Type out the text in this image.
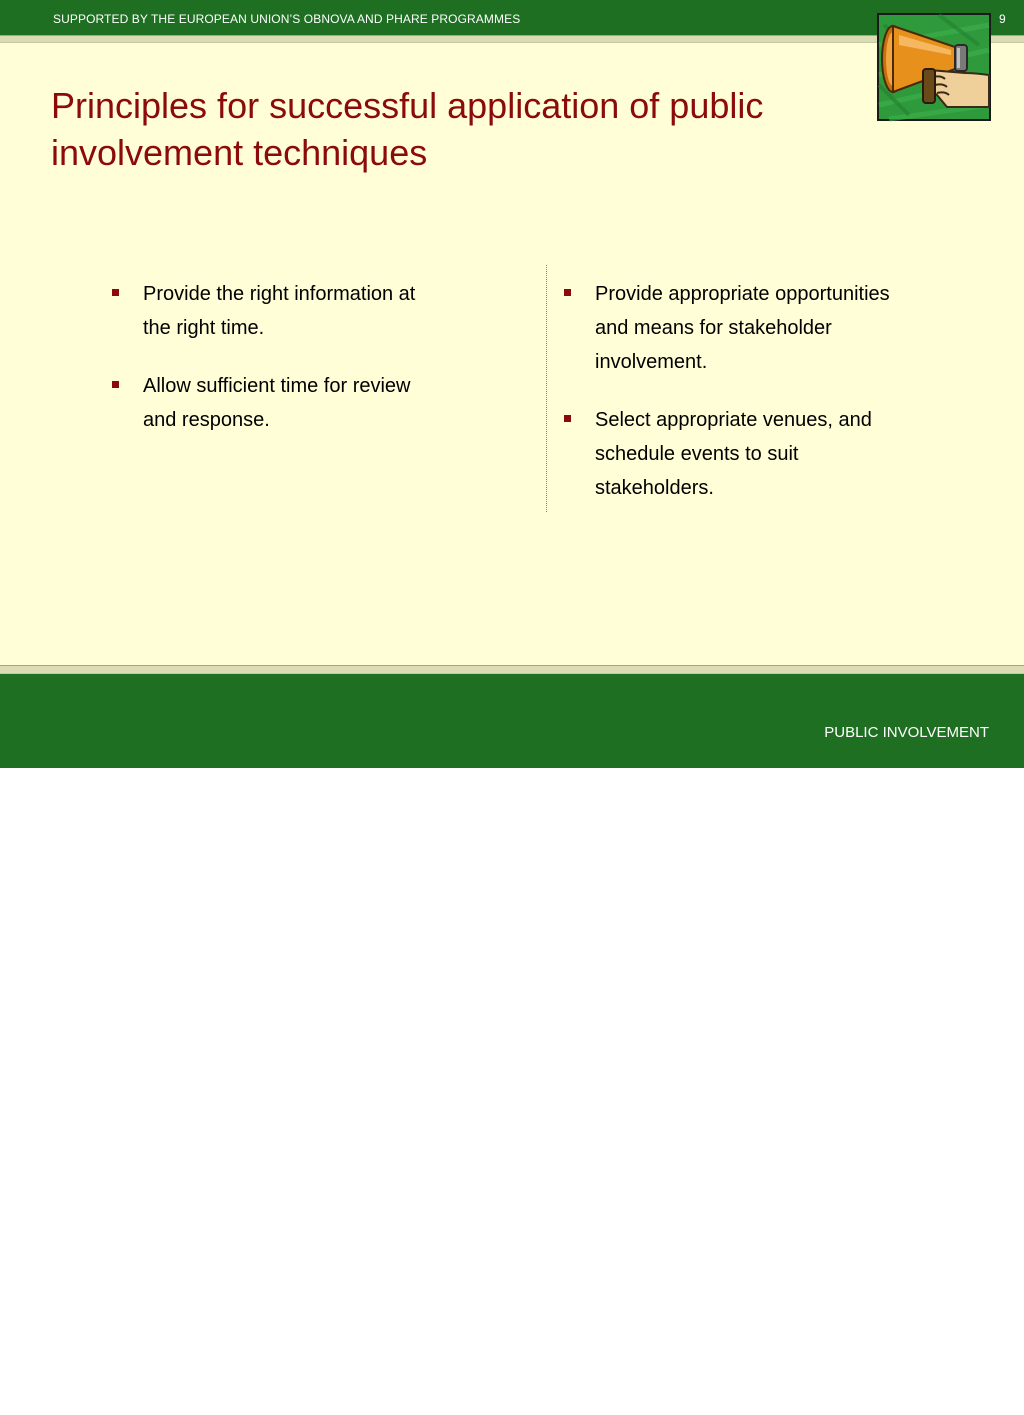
SUPPORTED BY THE EUROPEAN UNION’S OBNOVA AND PHARE PROGRAMMES	9
Principles for successful application of public
involvement techniques
Provide the right information at
the right time.
Allow sufficient time for review
and response.
Provide appropriate opportunities
and means for stakeholder
involvement.
Select appropriate venues, and
schedule events to suit
stakeholders.
EIA TRAINING RESOURCE MANUAL
FOR SOUTH EASTERN EUROPE
PUBLIC INVOLVEMENT
